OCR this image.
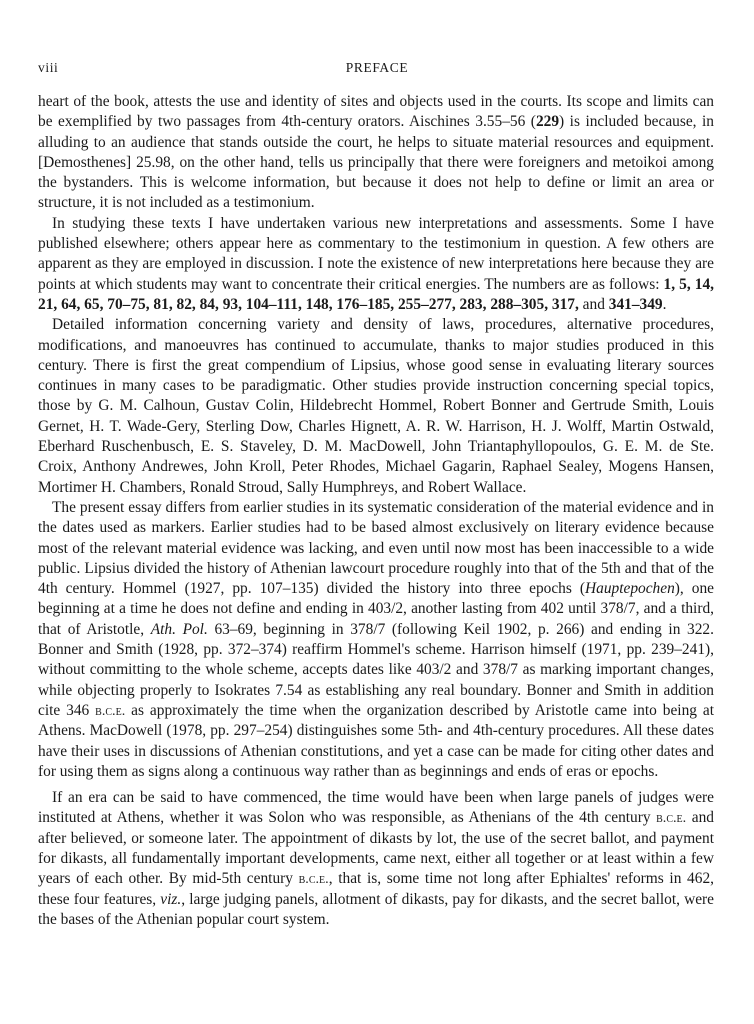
viii	PREFACE

heart of the book, attests the use and identity of sites and objects used in the courts. Its scope and limits can be exemplified by two passages from 4th-century orators. Aischines 3.55–56 (229) is included because, in alluding to an audience that stands outside the court, he helps to situate material resources and equipment. [Demosthenes] 25.98, on the other hand, tells us principally that there were foreigners and metoikoi among the bystanders. This is welcome information, but because it does not help to define or limit an area or structure, it is not included as a testimonium.

In studying these texts I have undertaken various new interpretations and assessments. Some I have published elsewhere; others appear here as commentary to the testimonium in question. A few others are apparent as they are employed in discussion. I note the existence of new interpretations here because they are points at which students may want to concentrate their critical energies. The numbers are as follows: 1, 5, 14, 21, 64, 65, 70–75, 81, 82, 84, 93, 104–111, 148, 176–185, 255–277, 283, 288–305, 317, and 341–349.

Detailed information concerning variety and density of laws, procedures, alternative procedures, modifications, and manoeuvres has continued to accumulate, thanks to major studies produced in this century. There is first the great compendium of Lipsius, whose good sense in evaluating literary sources continues in many cases to be paradigmatic. Other studies provide instruction concerning special topics, those by G. M. Calhoun, Gustav Colin, Hildebrecht Hommel, Robert Bonner and Gertrude Smith, Louis Gernet, H. T. Wade-Gery, Sterling Dow, Charles Hignett, A. R. W. Harrison, H. J. Wolff, Martin Ostwald, Eberhard Ruschenbusch, E. S. Staveley, D. M. MacDowell, John Triantaphyllopoulos, G. E. M. de Ste. Croix, Anthony Andrewes, John Kroll, Peter Rhodes, Michael Gagarin, Raphael Sealey, Mogens Hansen, Mortimer H. Chambers, Ronald Stroud, Sally Humphreys, and Robert Wallace.

The present essay differs from earlier studies in its systematic consideration of the material evidence and in the dates used as markers. Earlier studies had to be based almost exclusively on literary evidence because most of the relevant material evidence was lacking, and even until now most has been inaccessible to a wide public. Lipsius divided the history of Athenian lawcourt procedure roughly into that of the 5th and that of the 4th century. Hommel (1927, pp. 107–135) divided the history into three epochs (Hauptepochen), one beginning at a time he does not define and ending in 403/2, another lasting from 402 until 378/7, and a third, that of Aristotle, Ath. Pol. 63–69, beginning in 378/7 (following Keil 1902, p. 266) and ending in 322. Bonner and Smith (1928, pp. 372–374) reaffirm Hommel's scheme. Harrison himself (1971, pp. 239–241), without committing to the whole scheme, accepts dates like 403/2 and 378/7 as marking important changes, while objecting properly to Isokrates 7.54 as establishing any real boundary. Bonner and Smith in addition cite 346 b.c.e. as approximately the time when the organization described by Aristotle came into being at Athens. MacDowell (1978, pp. 297–254) distinguishes some 5th- and 4th-century procedures. All these dates have their uses in discussions of Athenian constitutions, and yet a case can be made for citing other dates and for using them as signs along a continuous way rather than as beginnings and ends of eras or epochs.

If an era can be said to have commenced, the time would have been when large panels of judges were instituted at Athens, whether it was Solon who was responsible, as Athenians of the 4th century b.c.e. and after believed, or someone later. The appointment of dikasts by lot, the use of the secret ballot, and payment for dikasts, all fundamentally important developments, came next, either all together or at least within a few years of each other. By mid-5th century b.c.e., that is, some time not long after Ephialtes' reforms in 462, these four features, viz., large judging panels, allotment of dikasts, pay for dikasts, and the secret ballot, were the bases of the Athenian popular court system.
